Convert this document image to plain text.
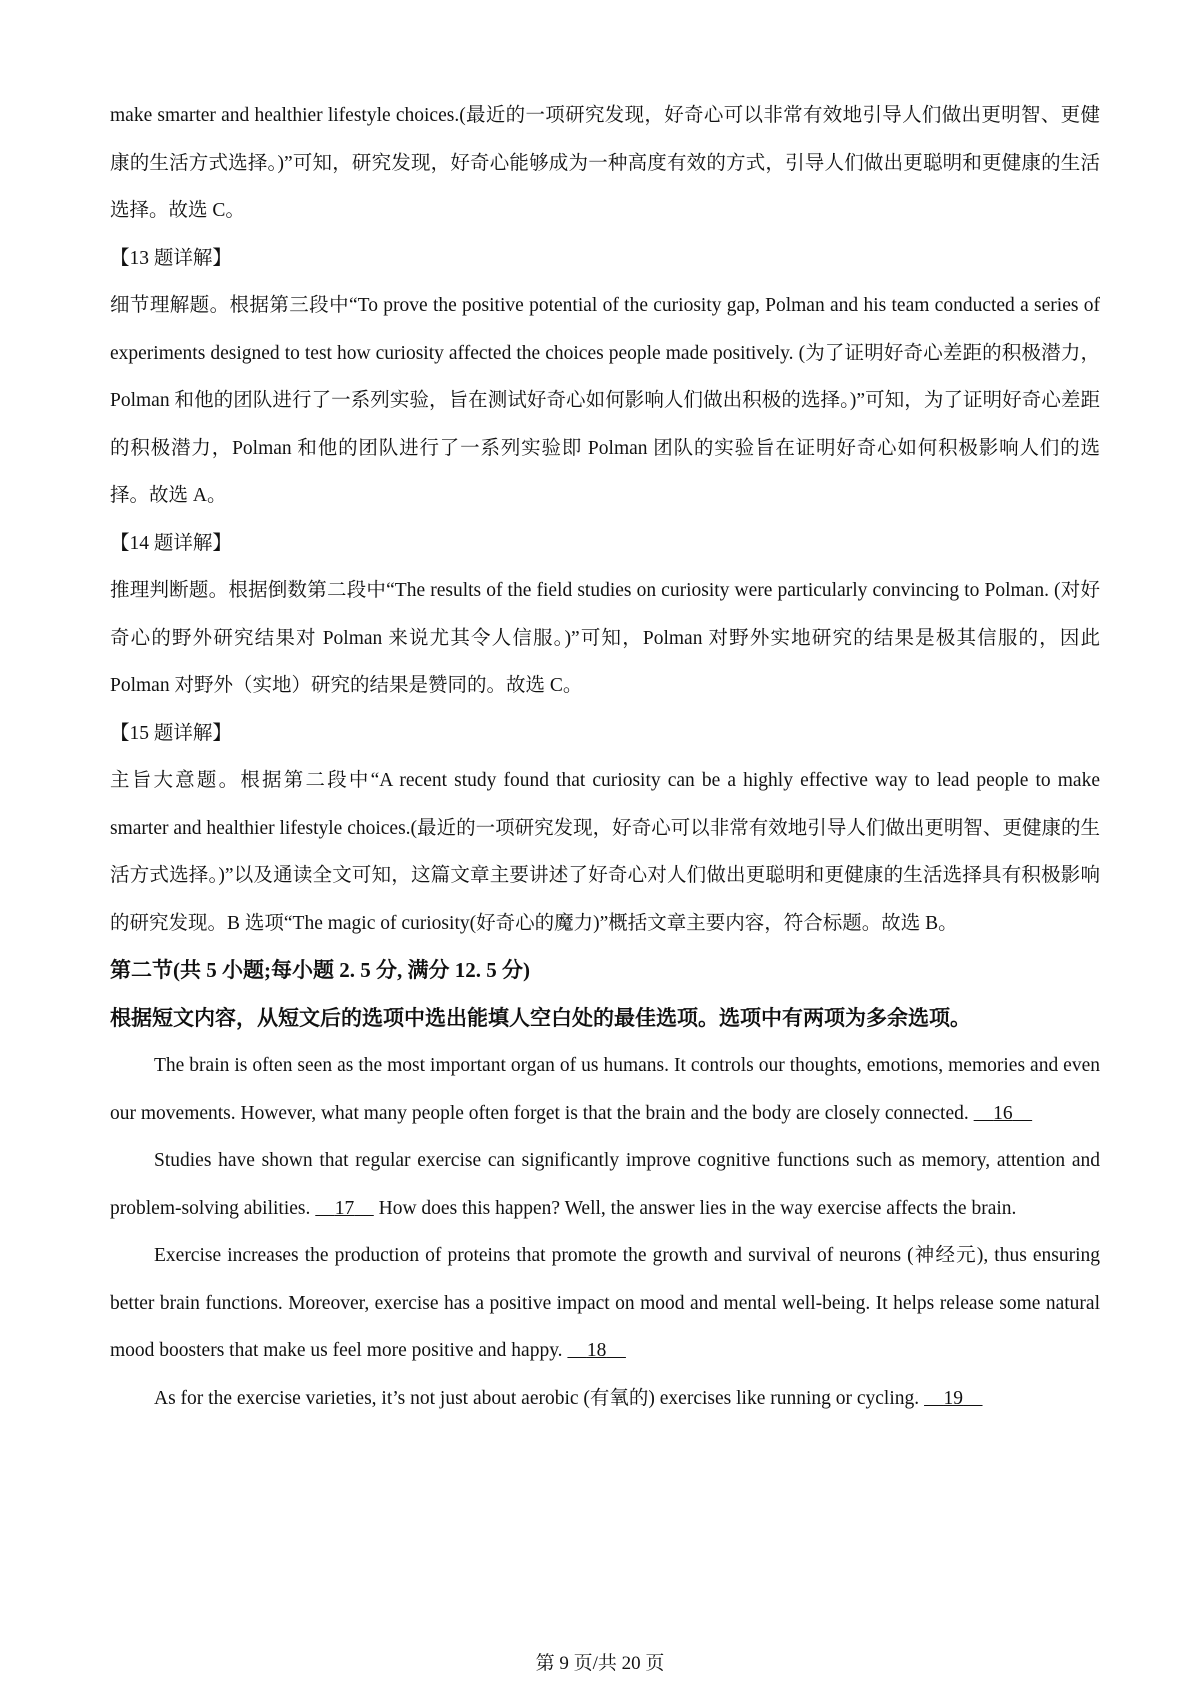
make smarter and healthier lifestyle choices.(最近的一项研究发现，好奇心可以非常有效地引导人们做出更明智、更健康的生活方式选择。)”可知，研究发现，好奇心能够成为一种高度有效的方式，引导人们做出更聪明和更健康的生活选择。故选 C。

【13 题详解】

细节理解题。根据第三段中“To prove the positive potential of the curiosity gap, Polman and his team conducted a series of experiments designed to test how curiosity affected the choices people made positively. (为了证明好奇心差距的积极潜力，Polman 和他的团队进行了一系列实验，旨在测试好奇心如何影响人们做出积极的选择。)”可知，为了证明好奇心差距的积极潜力，Polman 和他的团队进行了一系列实验即 Polman 团队的实验旨在证明好奇心如何积极影响人们的选择。故选 A。

【14 题详解】

推理判断题。根据倒数第二段中“The results of the field studies on curiosity were particularly convincing to Polman. (对好奇心的野外研究结果对 Polman 来说尤其令人信服。)”可知，Polman 对野外实地研究的结果是极其信服的，因此 Polman 对野外（实地）研究的结果是赞同的。故选 C。

【15 题详解】

主旨大意题。根据第二段中“A recent study found that curiosity can be a highly effective way to lead people to make smarter and healthier lifestyle choices.(最近的一项研究发现，好奇心可以非常有效地引导人们做出更明智、更健康的生活方式选择。)”以及通读全文可知，这篇文章主要讲述了好奇心对人们做出更聪明和更健康的生活选择具有积极影响的研究发现。B 选项“The magic of curiosity(好奇心的魔力)”概括文章主要内容，符合标题。故选 B。

第二节(共 5 小题;每小题 2. 5 分, 满分 12. 5 分)

根据短文内容，从短文后的选项中选出能填人空白处的最佳选项。选项中有两项为多余选项。

The brain is often seen as the most important organ of us humans. It controls our thoughts, emotions, memories and even our movements. However, what many people often forget is that the brain and the body are closely connected.     16

Studies have shown that regular exercise can significantly improve cognitive functions such as memory, attention and problem-solving abilities.     17     How does this happen? Well, the answer lies in the way exercise affects the brain.

Exercise increases the production of proteins that promote the growth and survival of neurons (神经元), thus ensuring better brain functions. Moreover, exercise has a positive impact on mood and mental well-being. It helps release some natural mood boosters that make us feel more positive and happy.     18

As for the exercise varieties, it’s not just about aerobic (有氧的) exercises like running or cycling.     19

第 9 页/共 20 页
